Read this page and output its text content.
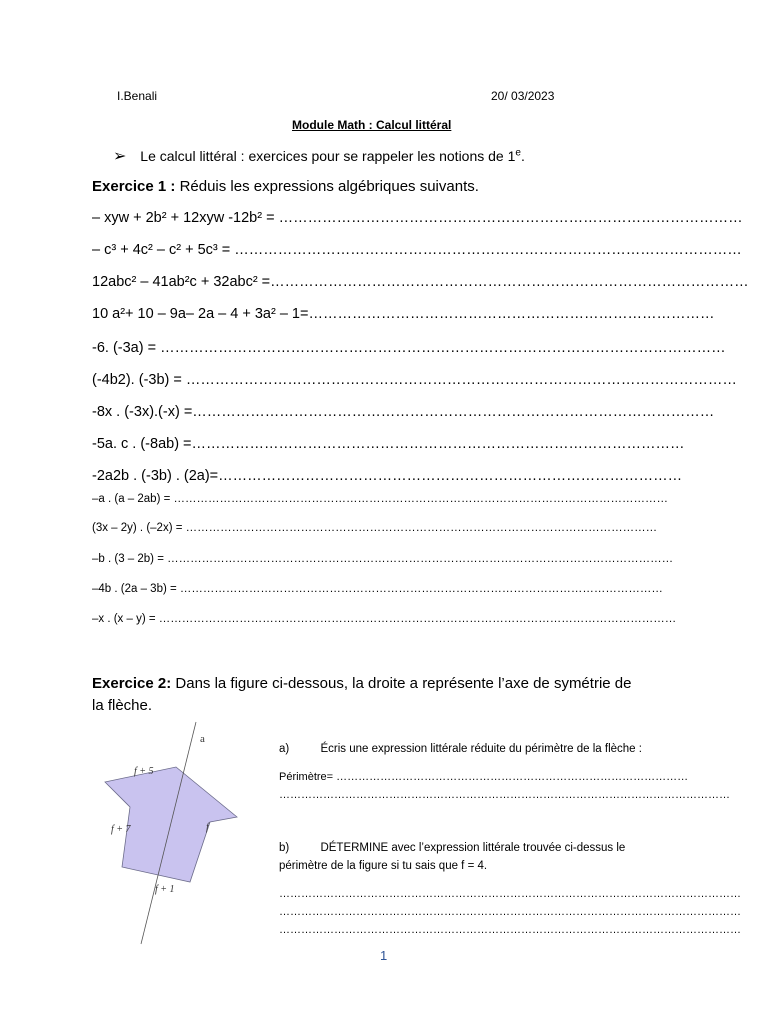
I.Benali	20/ 03/2023
Module Math : Calcul littéral
➢ Le calcul littéral : exercices pour se rappeler les notions de 1e.
Exercice 1 : Réduis les expressions algébriques suivants.
– xyw + 2b² + 12xyw -12b² = ……………………………………………………………………………………
– c³ + 4c² – c² + 5c³ = ……………………………………………………………………………………………
12abc² – 41ab²c + 32abc² =………………………………………………………………………………………
10 a²+ 10 – 9a– 2a – 4 + 3a² – 1=…………………………………………………………………………
-6. (-3a) = ………………………………………………………………………………………………………
(-4b2). (-3b) = ……………………………………………………………………………………………………
-8x . (-3x).(-x) =………………………………………………………………………………………………
-5a. c . (-8ab) =…………………………………………………………………………………………
-2a2b . (-3b) . (2a)=……………………………………………………………………………………
–a . (a – 2ab) = …………………………………………………………………………………………………………………
(3x – 2y) . (–2x) = ……………………………………………………………………………………………………………
–b . (3 – 2b) = ……………………………………………………………………………………………………………………
–4b . (2a – 3b) = ………………………………………………………………………………………………………………
–x . (x – y) = ………………………………………………………………………………………………………………………
Exercice 2: Dans la figure ci-dessous, la droite a représente l’axe de symétrie de
la flèche.
a
f + 5
f + 7	f
f + 1
a)	Écris une expression littérale réduite du périmètre de la flèche :
Périmètre= ……………………………………………………………………………………
……………………………………………………………………………………………………………
b)	DÉTERMINE avec l’expression littérale trouvée ci-dessus le
périmètre de la figure si tu sais que f = 4.
………………………………………………………………………………………………………………
………………………………………………………………………………………………………………
………………………………………………………………………………………………………………
1
